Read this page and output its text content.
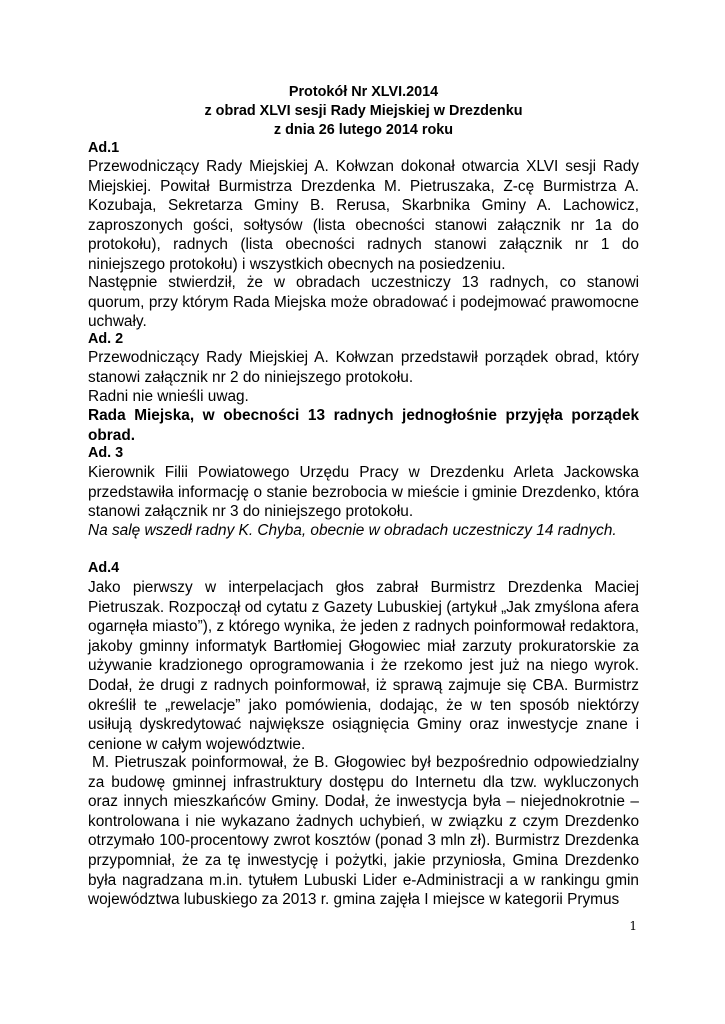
Protokół Nr XLVI.2014

z obrad XLVI sesji Rady Miejskiej w Drezdenku

z dnia 26 lutego 2014 roku

Ad.1

Przewodniczący Rady Miejskiej A. Kołwzan dokonał otwarcia XLVI sesji Rady Miejskiej. Powitał Burmistrza Drezdenka M. Pietruszaka, Z-cę Burmistrza A. Kozubaja, Sekretarza Gminy B. Rerusa, Skarbnika Gminy A. Lachowicz, zaproszonych gości, sołtysów (lista obecności stanowi załącznik nr 1a do protokołu), radnych (lista obecności radnych stanowi załącznik nr 1 do niniejszego protokołu) i wszystkich obecnych na posiedzeniu.

Następnie stwierdził, że w obradach uczestniczy 13 radnych, co stanowi quorum, przy którym Rada Miejska może obradować i podejmować prawomocne uchwały.

Ad. 2

Przewodniczący Rady Miejskiej A. Kołwzan przedstawił porządek obrad, który stanowi załącznik nr 2 do niniejszego protokołu.

Radni nie wnieśli uwag.

Rada Miejska, w obecności 13 radnych jednogłośnie przyjęła porządek obrad.

Ad. 3

Kierownik Filii Powiatowego Urzędu Pracy w Drezdenku Arleta Jackowska przedstawiła informację o stanie bezrobocia w mieście i gminie Drezdenko, która stanowi załącznik nr 3 do niniejszego protokołu.

Na salę wszedł radny K. Chyba, obecnie w obradach uczestniczy 14 radnych.

Ad.4

Jako pierwszy w interpelacjach głos zabrał Burmistrz Drezdenka Maciej Pietruszak. Rozpoczął od cytatu z Gazety Lubuskiej (artykuł „Jak zmyślona afera ogarnęła miasto”), z którego wynika, że jeden z radnych poinformował redaktora, jakoby gminny informatyk Bartłomiej Głogowiec miał zarzuty prokuratorskie za używanie kradzionego oprogramowania i że rzekomo jest już na niego wyrok. Dodał, że drugi z radnych poinformował, iż sprawą zajmuje się CBA. Burmistrz określił te „rewelacje” jako pomówienia, dodając, że w ten sposób niektórzy usiłują dyskredytować największe osiągnięcia Gminy oraz inwestycje znane i cenione w całym województwie.

M. Pietruszak poinformował, że B. Głogowiec był bezpośrednio odpowiedzialny za budowę gminnej infrastruktury dostępu do Internetu dla tzw. wykluczonych oraz innych mieszkańców Gminy. Dodał, że inwestycja była – niejednokrotnie – kontrolowana i nie wykazano żadnych uchybień, w związku z czym Drezdenko otrzymało 100-procentowy zwrot kosztów (ponad 3 mln zł). Burmistrz Drezdenka przypomniał, że za tę inwestycję i pożytki, jakie przyniosła, Gmina Drezdenko była nagradzana m.in. tytułem Lubuski Lider e-Administracji a w rankingu gmin województwa lubuskiego za 2013 r. gmina zajęła I miejsce w kategorii Prymus

1
